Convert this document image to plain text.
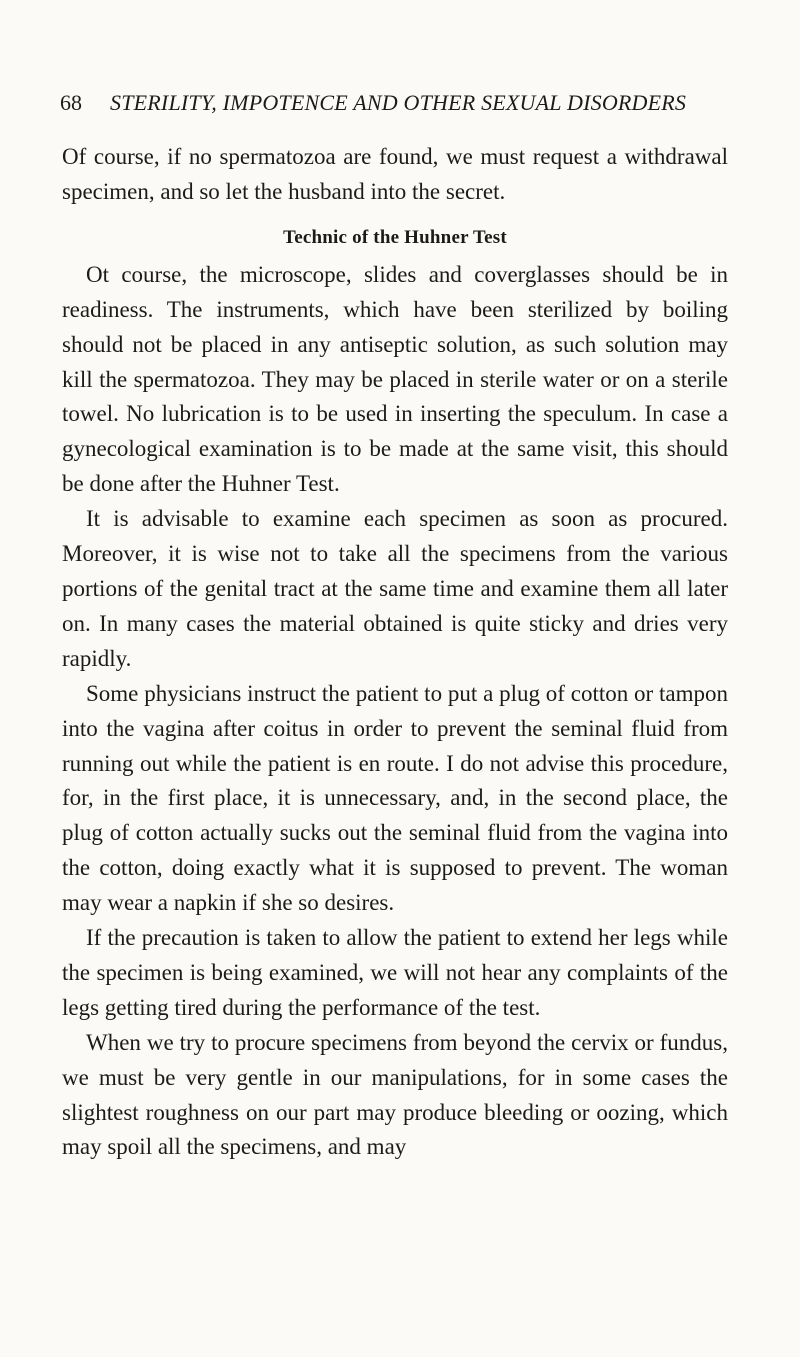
68	STERILITY, IMPOTENCE AND OTHER SEXUAL DISORDERS

Of course, if no spermatozoa are found, we must request a withdrawal specimen, and so let the husband into the secret.

Technic of the Huhner Test

Ot course, the microscope, slides and coverglasses should be in readiness. The instruments, which have been sterilized by boiling should not be placed in any antiseptic solution, as such solution may kill the spermatozoa. They may be placed in sterile water or on a sterile towel. No lubrication is to be used in inserting the speculum. In case a gynecological examination is to be made at the same visit, this should be done after the Huhner Test.

It is advisable to examine each specimen as soon as procured. Moreover, it is wise not to take all the specimens from the various portions of the genital tract at the same time and examine them all later on. In many cases the material obtained is quite sticky and dries very rapidly.

Some physicians instruct the patient to put a plug of cotton or tampon into the vagina after coitus in order to prevent the seminal fluid from running out while the patient is en route. I do not advise this procedure, for, in the first place, it is unnecessary, and, in the second place, the plug of cotton actually sucks out the seminal fluid from the vagina into the cotton, doing exactly what it is supposed to prevent. The woman may wear a napkin if she so desires.

If the precaution is taken to allow the patient to extend her legs while the specimen is being examined, we will not hear any complaints of the legs getting tired during the performance of the test.

When we try to procure specimens from beyond the cervix or fundus, we must be very gentle in our manipulations, for in some cases the slightest roughness on our part may produce bleeding or oozing, which may spoil all the specimens, and may
